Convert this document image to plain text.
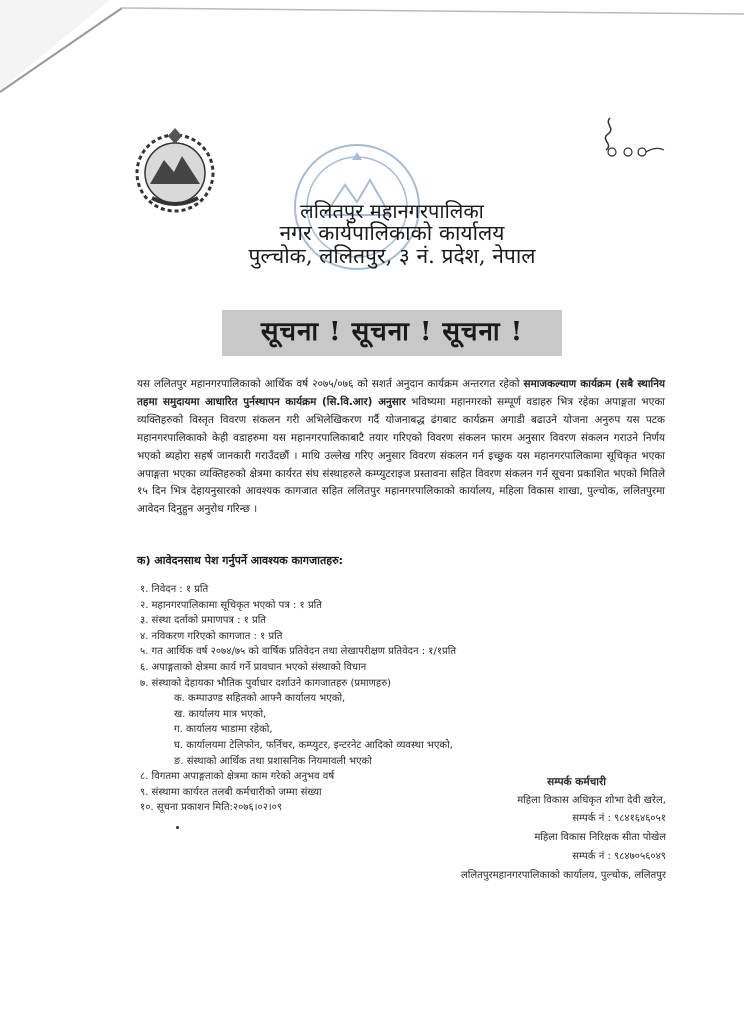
ललितपुर महानगरपालिका
नगर कार्यपालिकाको कार्यालय
पुल्चोक, ललितपुर, ३ नं. प्रदेश, नेपाल
सूचना ! सूचना ! सूचना !
यस ललितपुर महानगरपालिकाको आर्थिक वर्ष २०७५/०७६ को सशर्त अनुदान कार्यक्रम अन्तरगत रहेको समाजकल्याण कार्यक्रम (सबै स्थानिय तहमा समुदायमा आधारित पुर्नस्थापन कार्यक्रम (सि.वि.आर) अनुसार भविष्यमा महानगरको सम्पूर्ण वडाहरु भित्र रहेका अपाङ्गता भएका व्यक्तिहरुको विस्तृत विवरण संकलन गरी अभिलेखिकरण गर्दै योजनाबद्ध ढंगबाट कार्यक्रम अगाडी बढाउने योजना अनुरुप यस पटक महानगरपालिकाको केही वडाहरुमा यस महानगरपालिकाबाटै तयार गरिएको विवरण संकलन फारम अनुसार विवरण संकलन गराउने निर्णय भएको ब्यहोरा सहर्ष जानकारी गराउँदछौं । माथि उल्लेख गरिए अनुसार विवरण संकलन गर्न इच्छुक यस महानगरपालिकामा सूचिकृत भएका अपाङ्गता भएका व्यक्तिहरुको क्षेत्रमा कार्यरत संघ संस्थाहरुले कम्प्युटराइज प्रस्तावना सहित विवरण संकलन गर्न सूचना प्रकाशित भएको मितिले १५ दिन भित्र देहायनुसारको आवश्यक कागजात सहित ललितपुर महानगरपालिकाको कार्यालय, महिला विकास शाखा, पुल्चोक, ललितपुरमा आवेदन दिनुहुन अनुरोध गरिन्छ ।
क) आवेदनसाथ पेश गर्नुपर्ने आवश्यक कागजातहरु:
१. निवेदन : १ प्रति
२. महानगरपालिकामा सूचिकृत भएको पत्र : १ प्रति
३. संस्था दर्ताको प्रमाणपत्र : १ प्रति
४. नविकरण गरिएको कागजात : १ प्रति
५. गत आर्थिक वर्ष २०७४/७५ को वार्षिक प्रतिवेदन तथा लेखापरीक्षण प्रतिवेदन : १/१प्रति
६. अपाङ्गताको क्षेत्रमा कार्य गर्ने प्रावधान भएको संस्थाको विधान
७. संस्थाको देहायका भौतिक पुर्वाधार दर्शाउने कागजातहरु (प्रमाणहरु)
क. कम्पाउण्ड सहितको आफ्नै कार्यालय भएको,
ख. कार्यालय मात्र भएको,
ग. कार्यालय भाडामा रहेको,
घ. कार्यालयमा टेलिफोन, फर्निचर, कम्प्युटर, इन्टरनेट आदिको व्यवस्था भएको,
ङ. संस्थाको आर्थिक तथा प्रशासनिक नियमावली भएको
८. विगतमा अपाङ्गताको क्षेत्रमा काम गरेको अनुभव वर्ष
९. संस्थामा कार्यरत तलबी कर्मचारीको जम्मा संख्या
१०. सूचना प्रकाशन मिति:२०७६।०२।०९
सम्पर्क कर्मचारी
महिला विकास अधिकृत शोभा देवी खरेल,
सम्पर्क नं : ९८४१६४६०५१
महिला विकास निरिक्षक सीता पोखेल
सम्पर्क नं : ९८४७०५६०४९
ललितपुरमहानगरपालिकाको कार्यालय, पुल्चोक, ललितपुर
